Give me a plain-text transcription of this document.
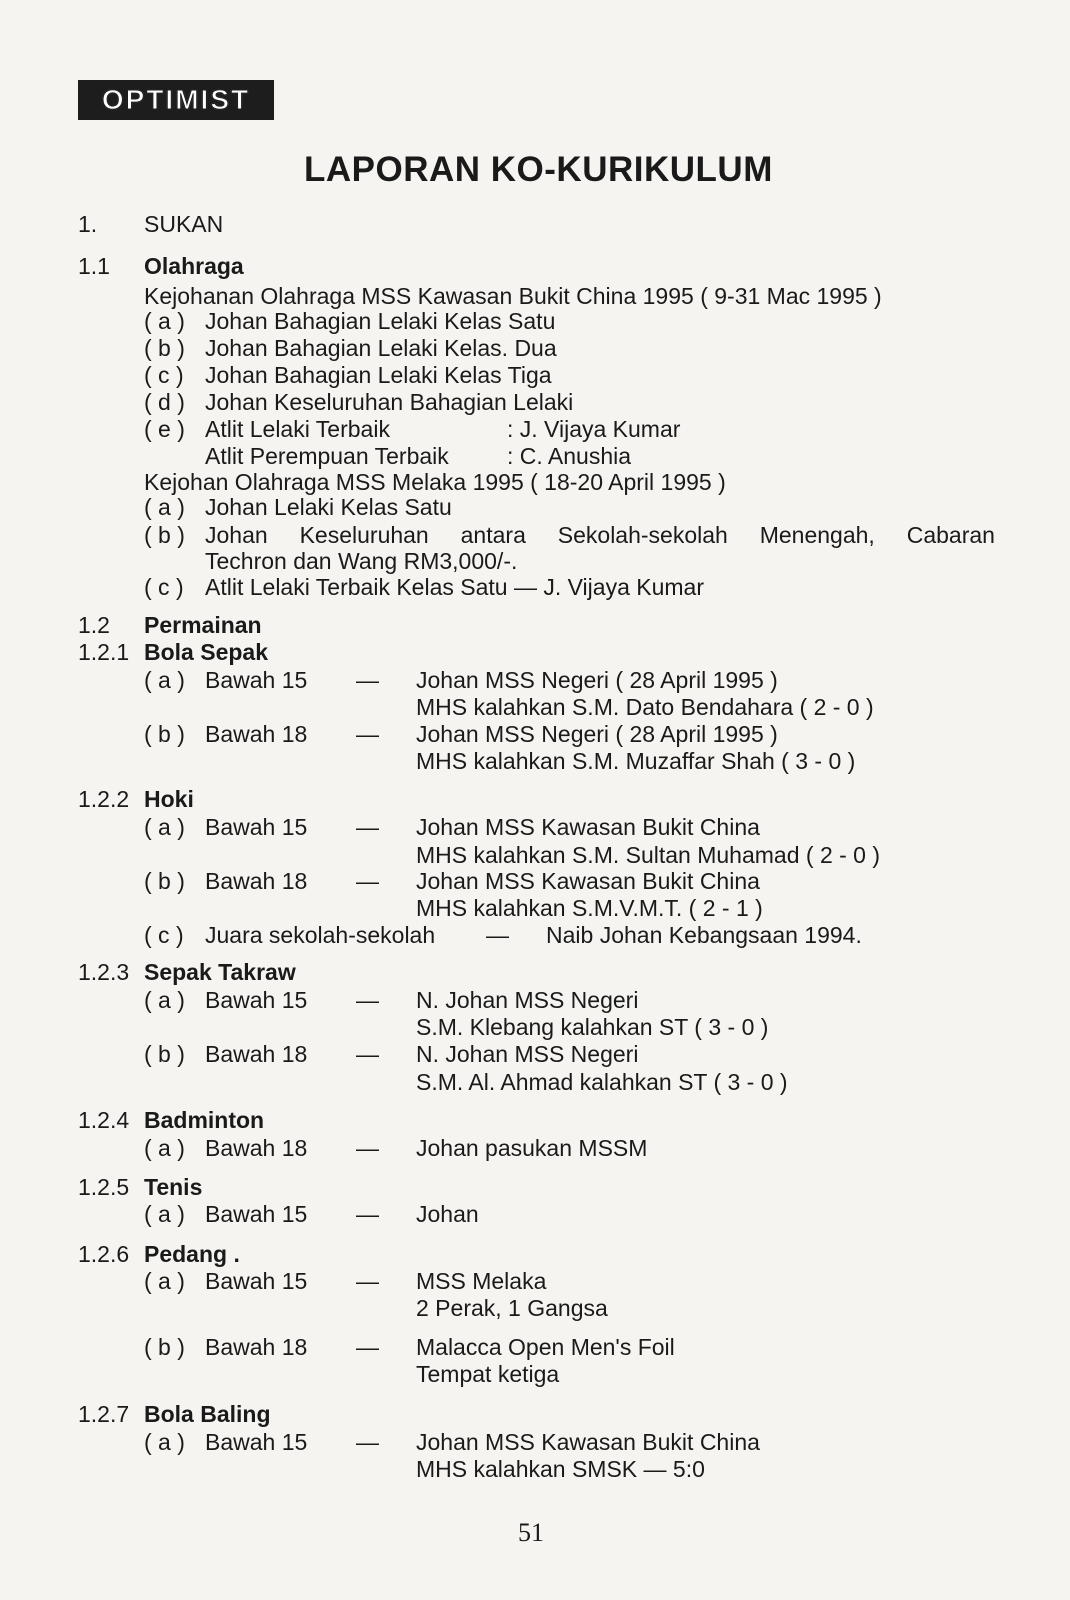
OPTIMIST
LAPORAN KO-KURIKULUM
1. SUKAN
1.1 Olahraga
Kejohanan Olahraga MSS Kawasan Bukit China 1995 ( 9-31 Mac 1995 )
( a ) Johan Bahagian Lelaki Kelas Satu
( b ) Johan Bahagian Lelaki Kelas. Dua
( c ) Johan Bahagian Lelaki Kelas Tiga
( d ) Johan Keseluruhan Bahagian Lelaki
( e ) Atlit Lelaki Terbaik	: J. Vijaya Kumar
Atlit Perempuan Terbaik	: C. Anushia
Kejohan Olahraga MSS Melaka 1995 ( 18-20 April 1995 )
( a ) Johan Lelaki Kelas Satu
( b ) Johan Keseluruhan antara Sekolah-sekolah Menengah, Cabaran
Techron dan Wang RM3,000/-.
( c ) Atlit Lelaki Terbaik Kelas Satu — J. Vijaya Kumar
1.2 Permainan
1.2.1 Bola Sepak
( a ) Bawah 15 — Johan MSS Negeri ( 28 April 1995 )
MHS kalahkan S.M. Dato Bendahara ( 2 - 0 )
( b ) Bawah 18 — Johan MSS Negeri ( 28 April 1995 )
MHS kalahkan S.M. Muzaffar Shah ( 3 - 0 )
1.2.2 Hoki
( a ) Bawah 15 — Johan MSS Kawasan Bukit China
MHS kalahkan S.M. Sultan Muhamad ( 2 - 0 )
( b ) Bawah 18 — Johan MSS Kawasan Bukit China
MHS kalahkan S.M.V.M.T. ( 2 - 1 )
( c ) Juara sekolah-sekolah — Naib Johan Kebangsaan 1994.
1.2.3 Sepak Takraw
( a ) Bawah 15 — N. Johan MSS Negeri
S.M. Klebang kalahkan ST ( 3 - 0 )
( b ) Bawah 18 — N. Johan MSS Negeri
S.M. Al. Ahmad kalahkan ST ( 3 - 0 )
1.2.4 Badminton
( a ) Bawah 18 — Johan pasukan MSSM
1.2.5 Tenis
( a ) Bawah 15 — Johan
1.2.6 Pedang .
( a ) Bawah 15 — MSS Melaka
2 Perak, 1 Gangsa
( b ) Bawah 18 — Malacca Open Men's Foil
Tempat ketiga
1.2.7 Bola Baling
( a ) Bawah 15 — Johan MSS Kawasan Bukit China
MHS kalahkan SMSK — 5:0
51
